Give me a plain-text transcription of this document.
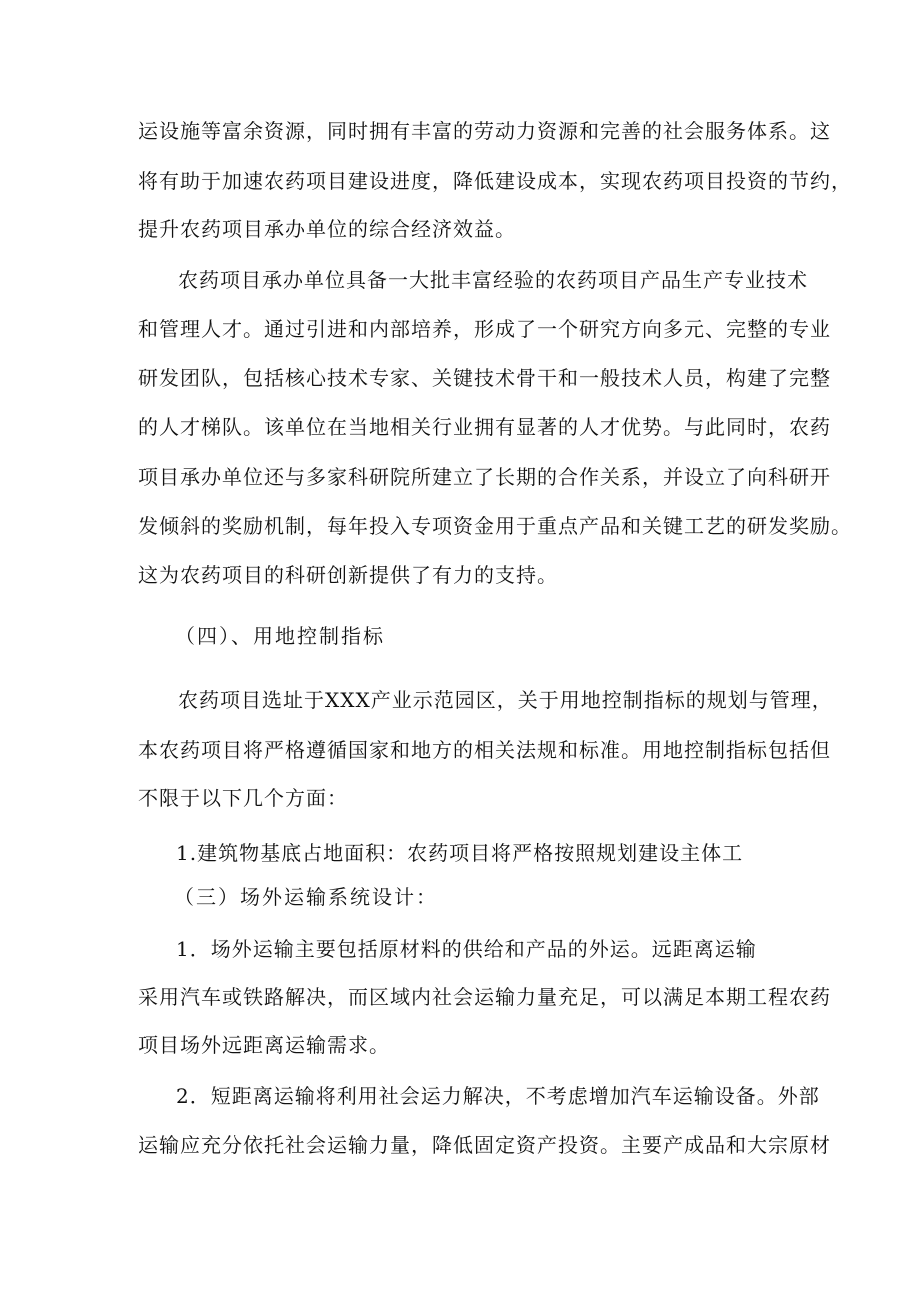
运设施等富余资源，同时拥有丰富的劳动力资源和完善的社会服务体系。这
将有助于加速农药项目建设进度，降低建设成本，实现农药项目投资的节约，
提升农药项目承办单位的综合经济效益。
农药项目承办单位具备一大批丰富经验的农药项目产品生产专业技术
和管理人才。通过引进和内部培养，形成了一个研究方向多元、完整的专业
研发团队，包括核心技术专家、关键技术骨干和一般技术人员，构建了完整
的人才梯队。该单位在当地相关行业拥有显著的人才优势。与此同时，农药
项目承办单位还与多家科研院所建立了长期的合作关系，并设立了向科研开
发倾斜的奖励机制，每年投入专项资金用于重点产品和关键工艺的研发奖励。
这为农药项目的科研创新提供了有力的支持。
（四）、用地控制指标
农药项目选址于XXX产业示范园区，关于用地控制指标的规划与管理，
本农药项目将严格遵循国家和地方的相关法规和标准。用地控制指标包括但
不限于以下几个方面：
1.建筑物基底占地面积：农药项目将严格按照规划建设主体工
（三）场外运输系统设计：
1．场外运输主要包括原材料的供给和产品的外运。远距离运输
采用汽车或铁路解决，而区域内社会运输力量充足，可以满足本期工程农药
项目场外远距离运输需求。
2．短距离运输将利用社会运力解决，不考虑增加汽车运输设备。外部
运输应充分依托社会运输力量，降低固定资产投资。主要产成品和大宗原材
